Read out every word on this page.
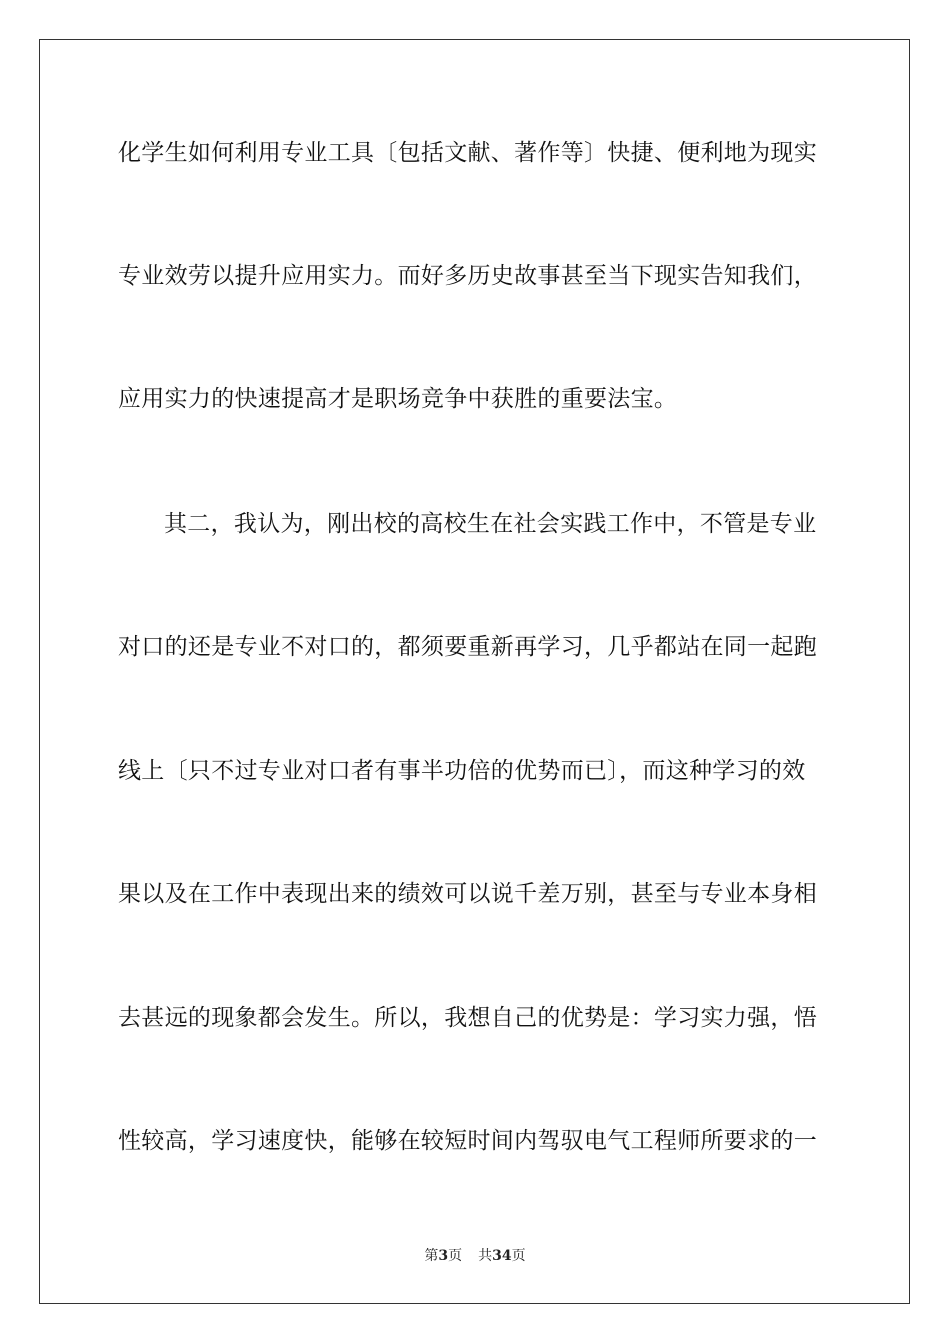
化学生如何利用专业工具〔包括文献、著作等〕快捷、便利地为现实
专业效劳以提升应用实力。而好多历史故事甚至当下现实告知我们，
应用实力的快速提高才是职场竞争中获胜的重要法宝。
其二，我认为，刚出校的高校生在社会实践工作中，不管是专业
对口的还是专业不对口的，都须要重新再学习，几乎都站在同一起跑
线上〔只不过专业对口者有事半功倍的优势而已〕，而这种学习的效
果以及在工作中表现出来的绩效可以说千差万别，甚至与专业本身相
去甚远的现象都会发生。所以，我想自己的优势是：学习实力强，悟
性较高，学习速度快，能够在较短时间内驾驭电气工程师所要求的一
第3页 共34页
